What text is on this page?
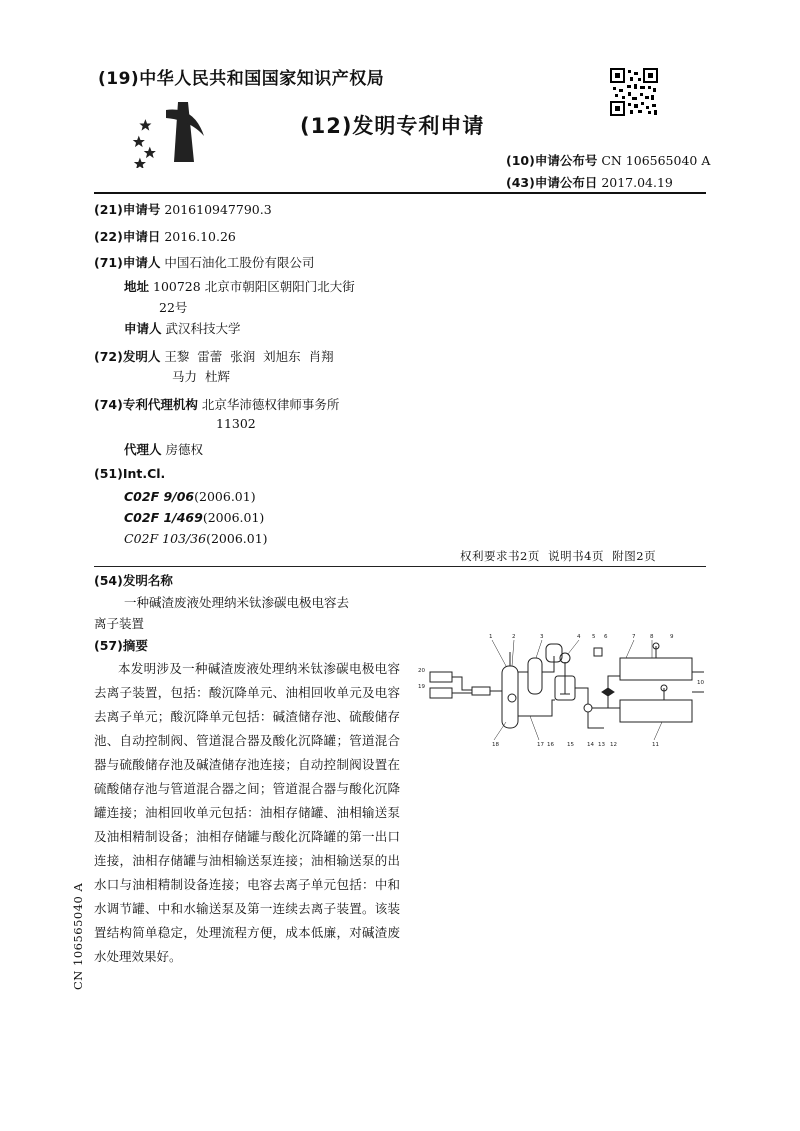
(19)中华人民共和国国家知识产权局
(12)发明专利申请
(10)申请公布号 CN 106565040 A
(43)申请公布日 2017.04.19
(21)申请号 201610947790.3
(22)申请日 2016.10.26
(71)申请人 中国石油化工股份有限公司
地址 100728 北京市朝阳区朝阳门北大街
22号
申请人 武汉科技大学
(72)发明人 王黎  雷蕾  张润  刘旭东  肖翔
马力  杜辉
(74)专利代理机构 北京华沛德权律师事务所
11302
代理人 房德权
(51)Int.Cl.
C02F 9/06(2006.01)
C02F 1/469(2006.01)
C02F 103/36(2006.01)
权利要求书2页  说明书4页  附图2页
(54)发明名称
一种碱渣废液处理纳米钛渗碳电极电容去
离子装置
(57)摘要
本发明涉及一种碱渣废液处理纳米钛渗碳电极电容去离子装置，包括：酸沉降单元、油相回收单元及电容去离子单元；酸沉降单元包括：碱渣储存池、硫酸储存池、自动控制阀、管道混合器及酸化沉降罐；管道混合器与硫酸储存池及碱渣储存池连接；自动控制阀设置在硫酸储存池与管道混合器之间；管道混合器与酸化沉降罐连接；油相回收单元包括：油相存储罐、油相输送泵及油相精制设备；油相存储罐与酸化沉降罐的第一出口连接，油相存储罐与油相输送泵连接；油相输送泵的出水口与油相精制设备连接；电容去离子单元包括：中和水调节罐、中和水输送泵及第一连续去离子装置。该装置结构简单稳定，处理流程方便，成本低廉，对碱渣废水处理效果好。
CN 106565040 A
1	2	3	4 5 6	7	8	9
20
19
10
18	17 16 15 14 13 12	11
